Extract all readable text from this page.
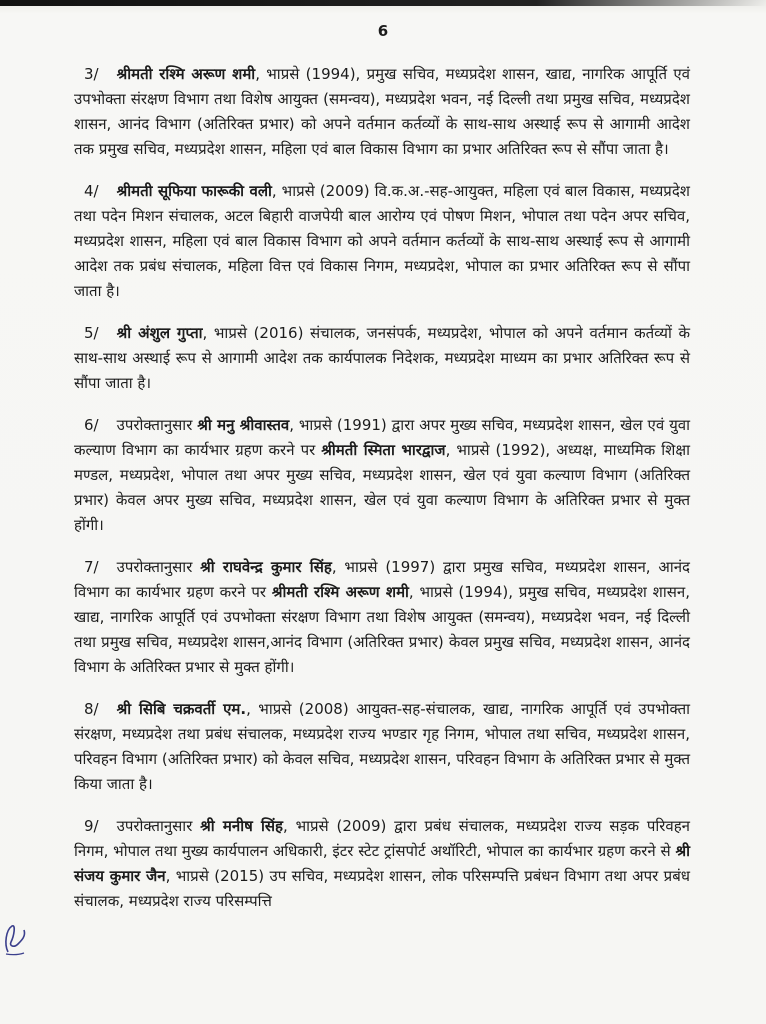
6

3/ श्रीमती रश्मि अरूण शमी, भाप्रसे (1994), प्रमुख सचिव, मध्यप्रदेश शासन, खाद्य, नागरिक आपूर्ति एवं उपभोक्ता संरक्षण विभाग तथा विशेष आयुक्त (समन्वय), मध्यप्रदेश भवन, नई दिल्ली तथा प्रमुख सचिव, मध्यप्रदेश शासन, आनंद विभाग (अतिरिक्त प्रभार) को अपने वर्तमान कर्तव्यों के साथ-साथ अस्थाई रूप से आगामी आदेश तक प्रमुख सचिव, मध्यप्रदेश शासन, महिला एवं बाल विकास विभाग का प्रभार अतिरिक्त रूप से सौंपा जाता है।

4/ श्रीमती सूफिया फारूकी वली, भाप्रसे (2009) वि.क.अ.-सह-आयुक्त, महिला एवं बाल विकास, मध्यप्रदेश तथा पदेन मिशन संचालक, अटल बिहारी वाजपेयी बाल आरोग्य एवं पोषण मिशन, भोपाल तथा पदेन अपर सचिव, मध्यप्रदेश शासन, महिला एवं बाल विकास विभाग को अपने वर्तमान कर्तव्यों के साथ-साथ अस्थाई रूप से आगामी आदेश तक प्रबंध संचालक, महिला वित्त एवं विकास निगम, मध्यप्रदेश, भोपाल का प्रभार अतिरिक्त रूप से सौंपा जाता है।

5/ श्री अंशुल गुप्ता, भाप्रसे (2016) संचालक, जनसंपर्क, मध्यप्रदेश, भोपाल को अपने वर्तमान कर्तव्यों के साथ-साथ अस्थाई रूप से आगामी आदेश तक कार्यपालक निदेशक, मध्यप्रदेश माध्यम का प्रभार अतिरिक्त रूप से सौंपा जाता है।

6/ उपरोक्तानुसार श्री मनु श्रीवास्तव, भाप्रसे (1991) द्वारा अपर मुख्य सचिव, मध्यप्रदेश शासन, खेल एवं युवा कल्याण विभाग का कार्यभार ग्रहण करने पर श्रीमती स्मिता भारद्वाज, भाप्रसे (1992), अध्यक्ष, माध्यमिक शिक्षा मण्डल, मध्यप्रदेश, भोपाल तथा अपर मुख्य सचिव, मध्यप्रदेश शासन, खेल एवं युवा कल्याण विभाग (अतिरिक्त प्रभार) केवल अपर मुख्य सचिव, मध्यप्रदेश शासन, खेल एवं युवा कल्याण विभाग के अतिरिक्त प्रभार से मुक्त होंगी।

7/ उपरोक्तानुसार श्री राघवेन्द्र कुमार सिंह, भाप्रसे (1997) द्वारा प्रमुख सचिव, मध्यप्रदेश शासन, आनंद विभाग का कार्यभार ग्रहण करने पर श्रीमती रश्मि अरूण शमी, भाप्रसे (1994), प्रमुख सचिव, मध्यप्रदेश शासन, खाद्य, नागरिक आपूर्ति एवं उपभोक्ता संरक्षण विभाग तथा विशेष आयुक्त (समन्वय), मध्यप्रदेश भवन, नई दिल्ली तथा प्रमुख सचिव, मध्यप्रदेश शासन,आनंद विभाग (अतिरिक्त प्रभार) केवल प्रमुख सचिव, मध्यप्रदेश शासन, आनंद विभाग के अतिरिक्त प्रभार से मुक्त होंगी।

8/ श्री सिबि चक्रवर्ती एम., भाप्रसे (2008) आयुक्त-सह-संचालक, खाद्य, नागरिक आपूर्ति एवं उपभोक्ता संरक्षण, मध्यप्रदेश तथा प्रबंध संचालक, मध्यप्रदेश राज्य भण्डार गृह निगम, भोपाल तथा सचिव, मध्यप्रदेश शासन, परिवहन विभाग (अतिरिक्त प्रभार) को केवल सचिव, मध्यप्रदेश शासन, परिवहन विभाग के अतिरिक्त प्रभार से मुक्त किया जाता है।

9/ उपरोक्तानुसार श्री मनीष सिंह, भाप्रसे (2009) द्वारा प्रबंध संचालक, मध्यप्रदेश राज्य सड़क परिवहन निगम, भोपाल तथा मुख्य कार्यपालन अधिकारी, इंटर स्टेट ट्रांसपोर्ट अथॉरिटी, भोपाल का कार्यभार ग्रहण करने से श्री संजय कुमार जैन, भाप्रसे (2015) उप सचिव, मध्यप्रदेश शासन, लोक परिसम्पत्ति प्रबंधन विभाग तथा अपर प्रबंध संचालक, मध्यप्रदेश राज्य परिसम्पत्ति
